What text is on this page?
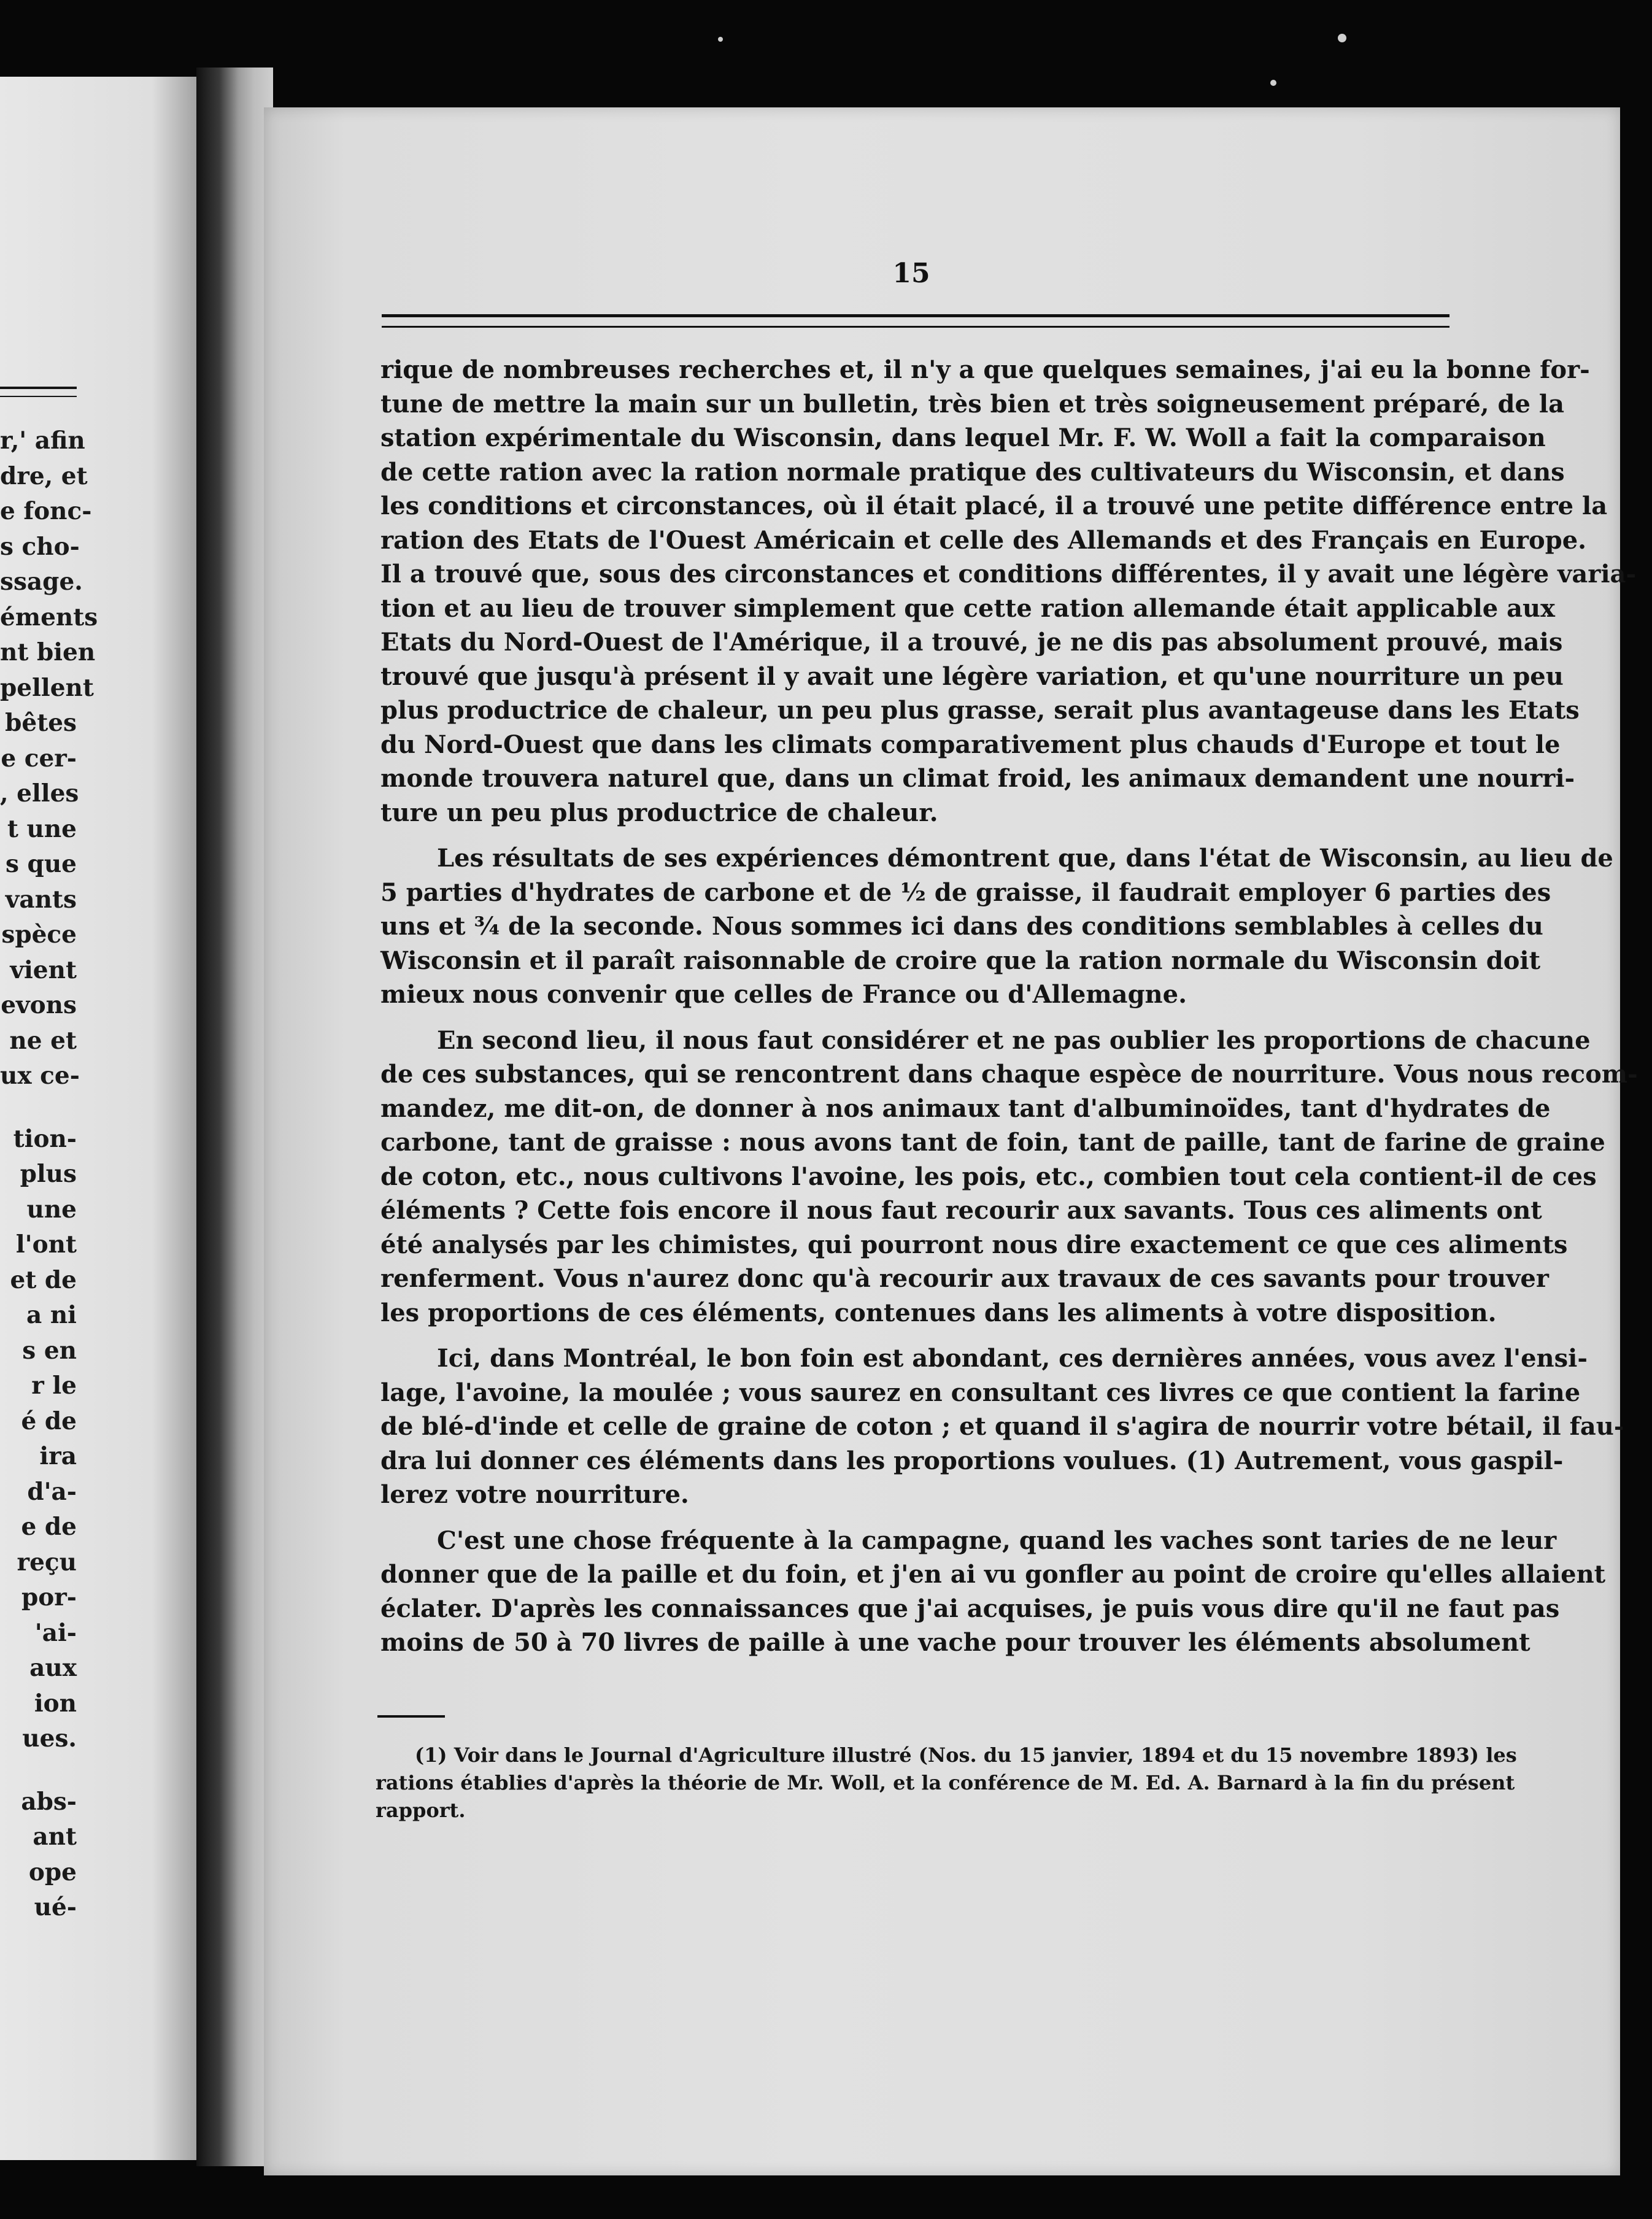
r,' afin
dre, et
e fonc-
s cho-
ssage.
éments
nt bien
pellent
bêtes
e cer-
, elles
t une
s que
vants
spèce
vient
evons
ne et
ux ce-
tion-
plus
une
l'ont
et de
a ni
s en
r le
é de
ira
d'a-
e de
reçu
por-
'ai-
aux
ion
ues.
abs-
ant
ope
ué-
15
rique de nombreuses recherches et, il n'y a que quelques semaines, j'ai eu la bonne for-
tune de mettre la main sur un bulletin, très bien et très soigneusement préparé, de la
station expérimentale du Wisconsin, dans lequel Mr. F. W. Woll a fait la comparaison
de cette ration avec la ration normale pratique des cultivateurs du Wisconsin, et dans
les conditions et circonstances, où il était placé, il a trouvé une petite différence entre la
ration des Etats de l'Ouest Américain et celle des Allemands et des Français en Europe.
Il a trouvé que, sous des circonstances et conditions différentes, il y avait une légère varia-
tion et au lieu de trouver simplement que cette ration allemande était applicable aux
Etats du Nord-Ouest de l'Amérique, il a trouvé, je ne dis pas absolument prouvé, mais
trouvé que jusqu'à présent il y avait une légère variation, et qu'une nourriture un peu
plus productrice de chaleur, un peu plus grasse, serait plus avantageuse dans les Etats
du Nord-Ouest que dans les climats comparativement plus chauds d'Europe et tout le
monde trouvera naturel que, dans un climat froid, les animaux demandent une nourri-
ture un peu plus productrice de chaleur.
Les résultats de ses expériences démontrent que, dans l'état de Wisconsin, au lieu de
5 parties d'hydrates de carbone et de ½ de graisse, il faudrait employer 6 parties des
uns et ¾ de la seconde. Nous sommes ici dans des conditions semblables à celles du
Wisconsin et il paraît raisonnable de croire que la ration normale du Wisconsin doit
mieux nous convenir que celles de France ou d'Allemagne.
En second lieu, il nous faut considérer et ne pas oublier les proportions de chacune
de ces substances, qui se rencontrent dans chaque espèce de nourriture. Vous nous recom-
mandez, me dit-on, de donner à nos animaux tant d'albuminoïdes, tant d'hydrates de
carbone, tant de graisse : nous avons tant de foin, tant de paille, tant de farine de graine
de coton, etc., nous cultivons l'avoine, les pois, etc., combien tout cela contient-il de ces
éléments ? Cette fois encore il nous faut recourir aux savants. Tous ces aliments ont
été analysés par les chimistes, qui pourront nous dire exactement ce que ces aliments
renferment. Vous n'aurez donc qu'à recourir aux travaux de ces savants pour trouver
les proportions de ces éléments, contenues dans les aliments à votre disposition.
Ici, dans Montréal, le bon foin est abondant, ces dernières années, vous avez l'ensi-
lage, l'avoine, la moulée ; vous saurez en consultant ces livres ce que contient la farine
de blé-d'inde et celle de graine de coton ; et quand il s'agira de nourrir votre bétail, il fau-
dra lui donner ces éléments dans les proportions voulues. (1) Autrement, vous gaspil-
lerez votre nourriture.
C'est une chose fréquente à la campagne, quand les vaches sont taries de ne leur
donner que de la paille et du foin, et j'en ai vu gonfler au point de croire qu'elles allaient
éclater. D'après les connaissances que j'ai acquises, je puis vous dire qu'il ne faut pas
moins de 50 à 70 livres de paille à une vache pour trouver les éléments absolument
(1) Voir dans le Journal d'Agriculture illustré (Nos. du 15 janvier, 1894 et du 15 novembre 1893) les
rations établies d'après la théorie de Mr. Woll, et la conférence de M. Ed. A. Barnard à la fin du présent
rapport.
